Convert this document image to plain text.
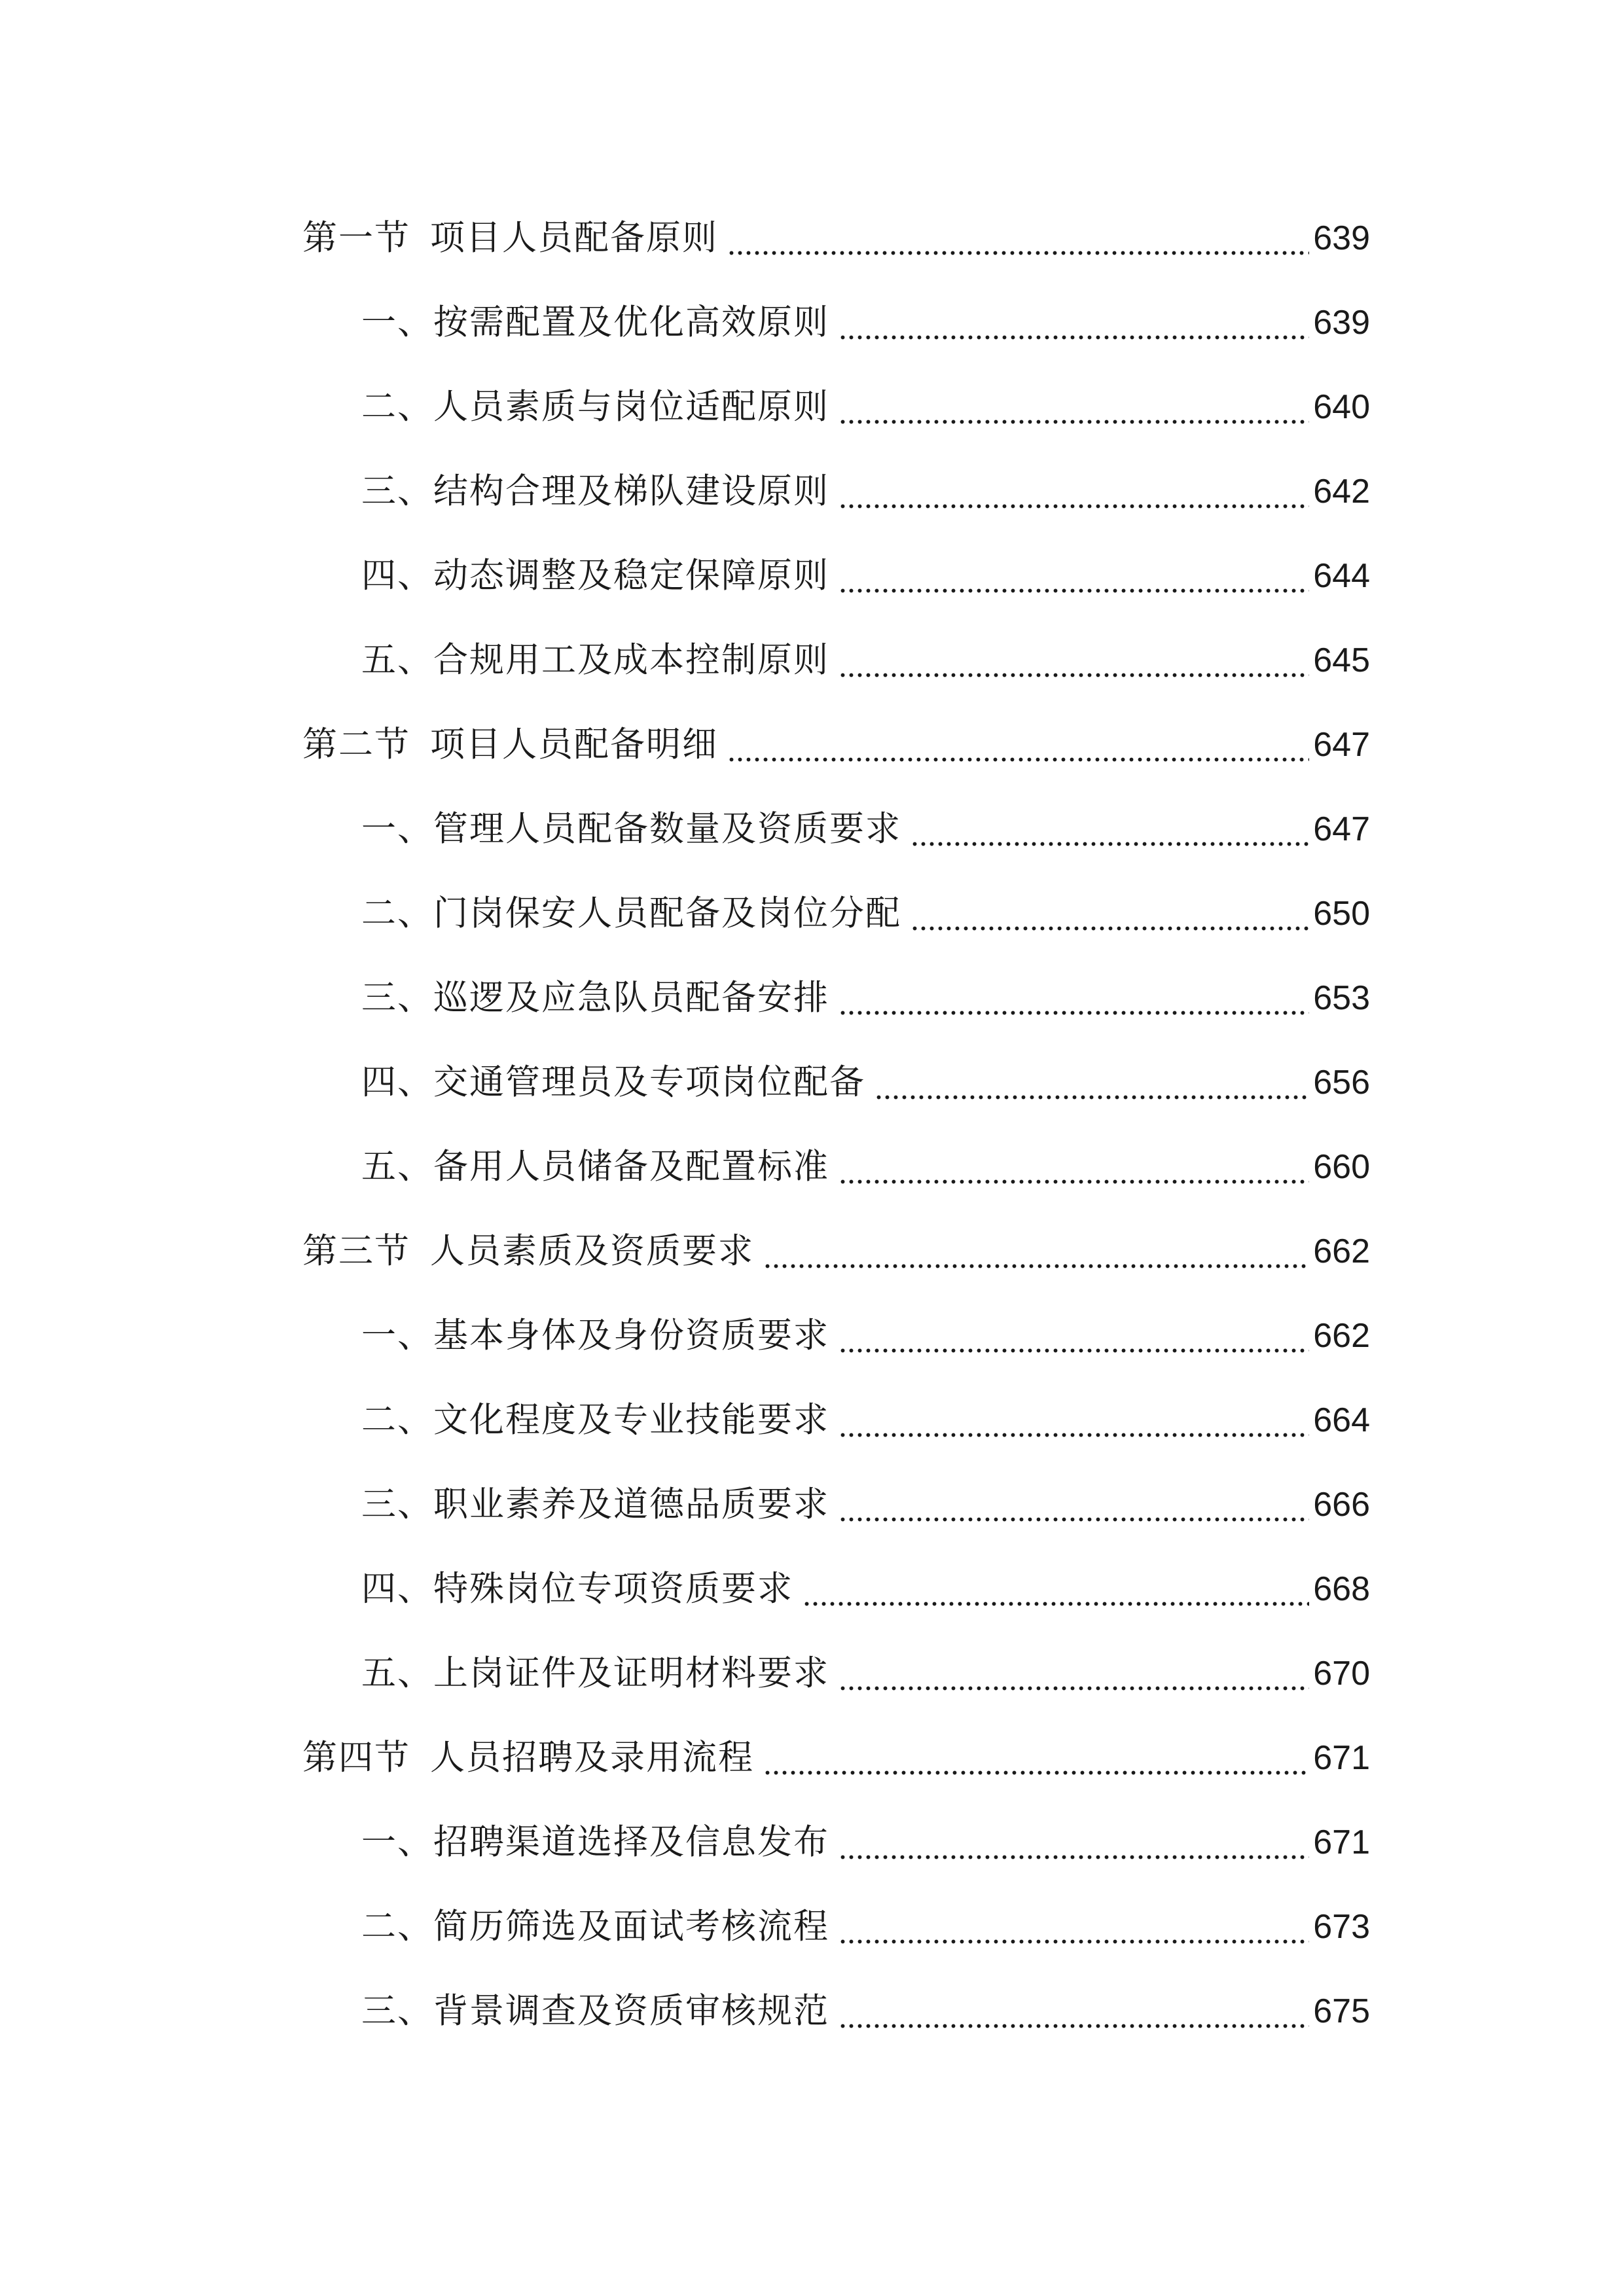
第一节 项目人员配备原则	639
一、按需配置及优化高效原则	639
二、人员素质与岗位适配原则	640
三、结构合理及梯队建设原则	642
四、动态调整及稳定保障原则	644
五、合规用工及成本控制原则	645
第二节 项目人员配备明细	647
一、管理人员配备数量及资质要求	647
二、门岗保安人员配备及岗位分配	650
三、巡逻及应急队员配备安排	653
四、交通管理员及专项岗位配备	656
五、备用人员储备及配置标准	660
第三节 人员素质及资质要求	662
一、基本身体及身份资质要求	662
二、文化程度及专业技能要求	664
三、职业素养及道德品质要求	666
四、特殊岗位专项资质要求	668
五、上岗证件及证明材料要求	670
第四节 人员招聘及录用流程	671
一、招聘渠道选择及信息发布	671
二、简历筛选及面试考核流程	673
三、背景调查及资质审核规范	675
